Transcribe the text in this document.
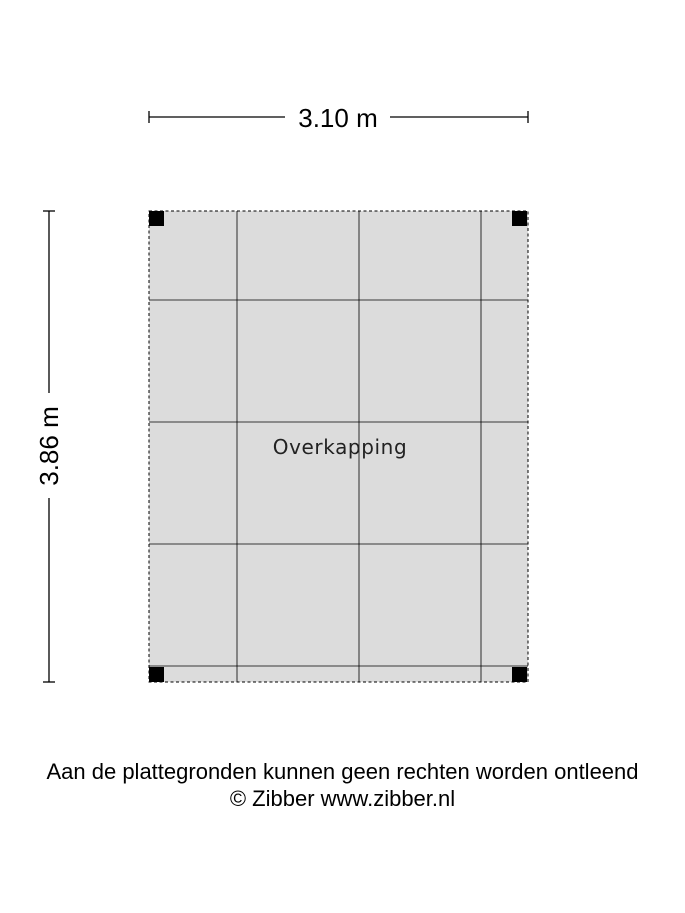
3.10 m
3.86 m	Overkapping
Aan de plattegronden kunnen geen rechten worden ontleend
© Zibber www.zibber.nl
